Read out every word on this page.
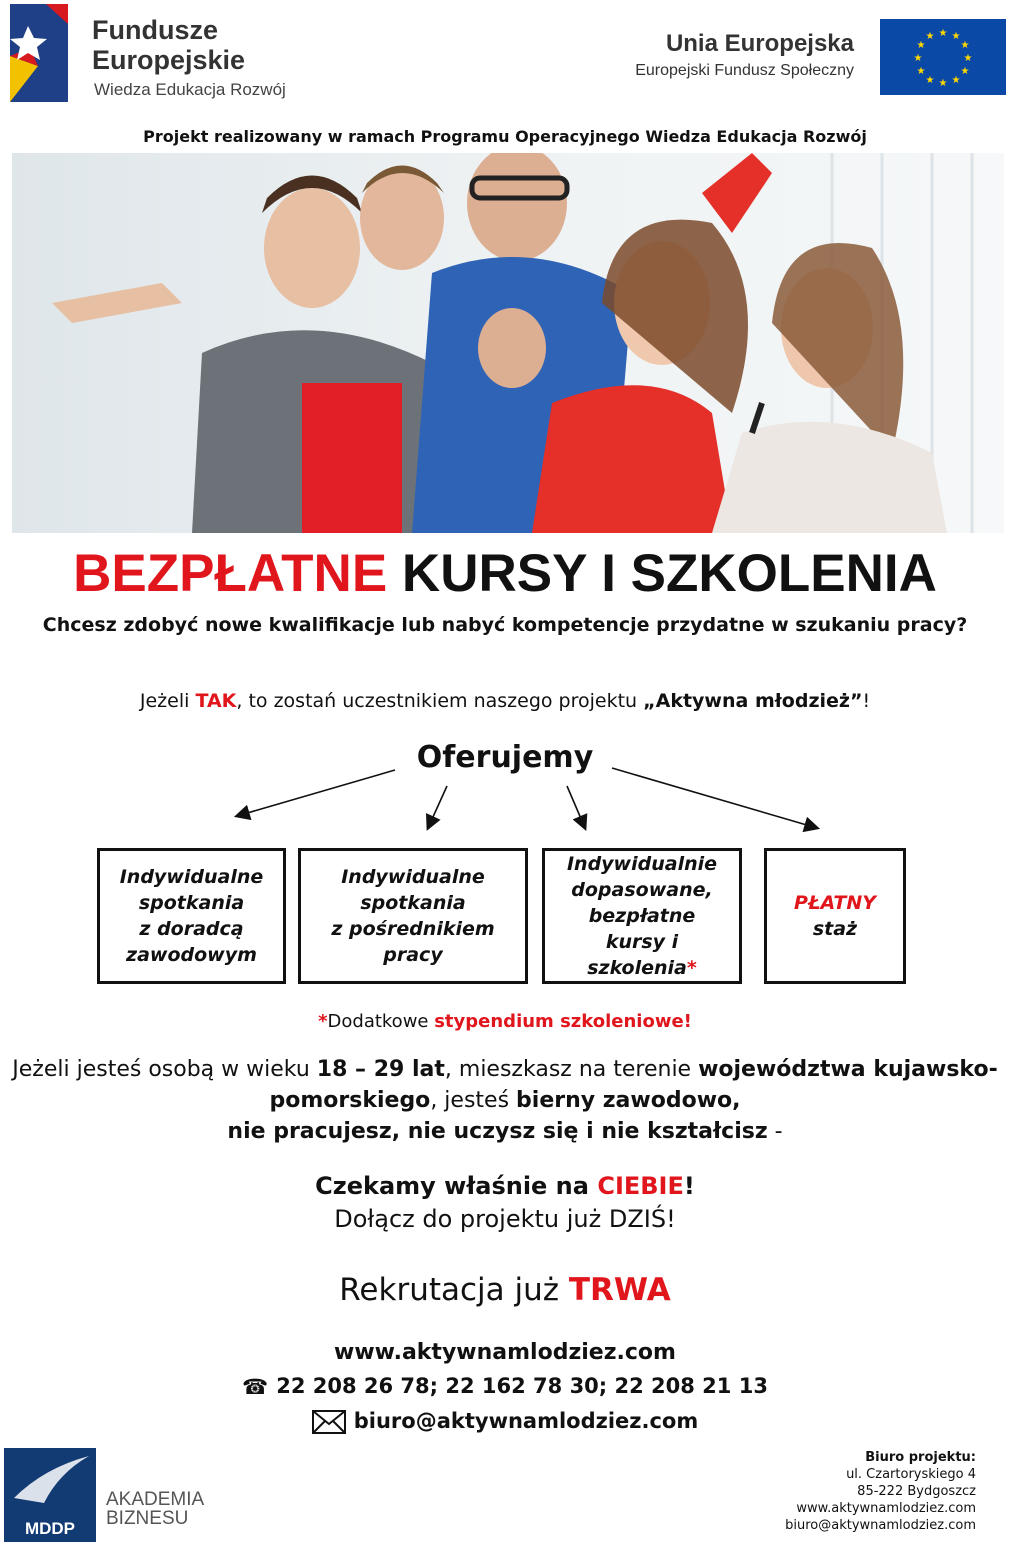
Fundusze
Europejskie
Wiedza Edukacja Rozwój
Unia Europejska
Europejski Fundusz Społeczny
★ ★
★
★
★
★
★
★
★
★
★
★
Projekt realizowany w ramach Programu Operacyjnego Wiedza Edukacja Rozwój
BEZPŁATNE KURSY I SZKOLENIA
Chcesz zdobyć nowe kwalifikacje lub nabyć kompetencje przydatne w szukaniu pracy?
Jeżeli TAK, to zostań uczestnikiem naszego projektu „Aktywna młodzież”!
Oferujemy
Indywidualne
spotkania
z doradcą
zawodowym
Indywidualne
spotkania
z pośrednikiem
pracy
Indywidualnie
dopasowane,
bezpłatne
kursy i
szkolenia*
PŁATNY
staż
*Dodatkowe stypendium szkoleniowe!
Jeżeli jesteś osobą w wieku 18 – 29 lat, mieszkasz na terenie województwa kujawsko-pomorskiego, jesteś bierny zawodowo,
nie pracujesz, nie uczysz się i nie kształcisz -
Czekamy właśnie na CIEBIE!
Dołącz do projektu już DZIŚ!
Rekrutacja już TRWA
www.aktywnamlodziez.com
☎ 22 208 26 78; 22 162 78 30; 22 208 21 13
biuro@aktywnamlodziez.com
MDDP
AKADEMIA
BIZNESU
Biuro projektu:
ul. Czartoryskiego 4
85-222 Bydgoszcz
www.aktywnamlodziez.com
biuro@aktywnamlodziez.com
